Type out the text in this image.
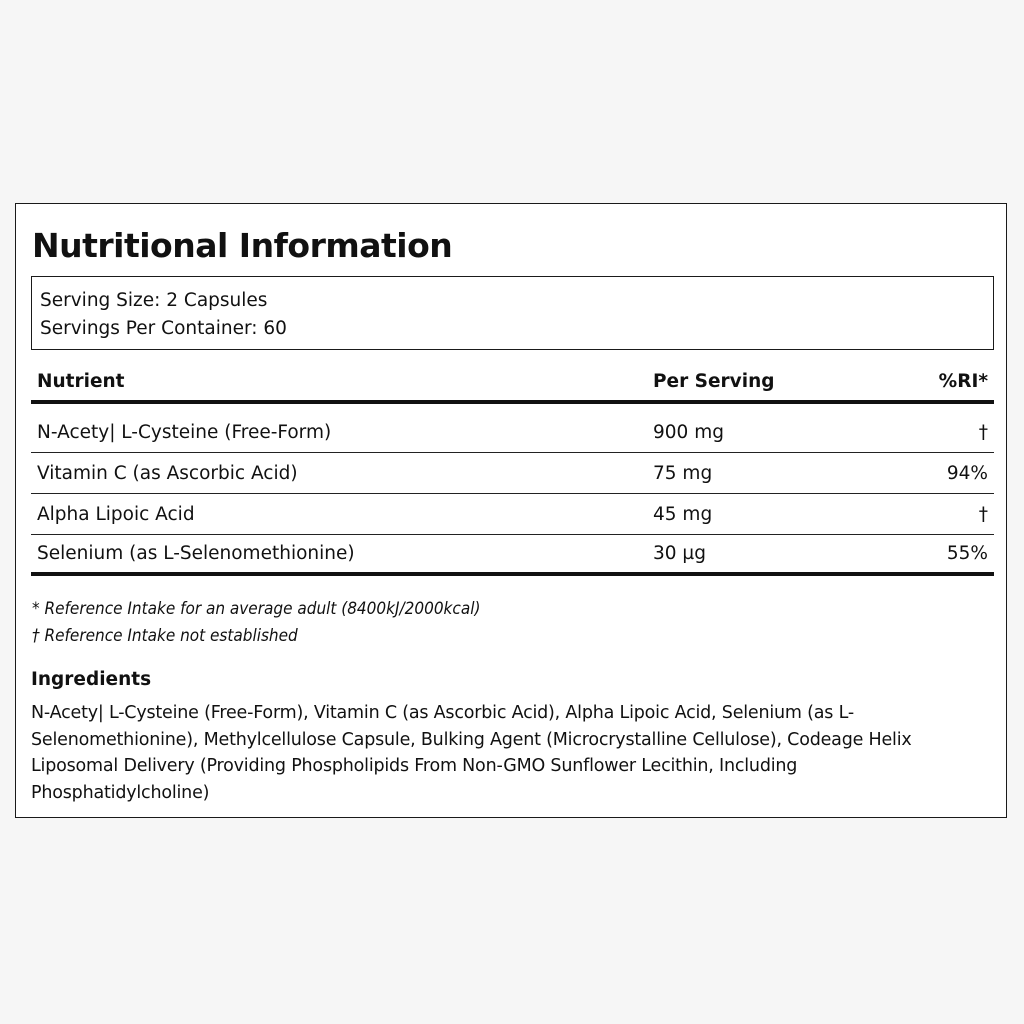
Nutritional Information
Serving Size: 2 Capsules
Servings Per Container: 60
Nutrient	Per Serving	%RI*
N-Acety| L-Cysteine (Free-Form)	900 mg	†
Vitamin C (as Ascorbic Acid)	75 mg	94%
Alpha Lipoic Acid	45 mg	†
Selenium (as L-Selenomethionine)	30 µg	55%
* Reference Intake for an average adult (8400kJ/2000kcal)
† Reference Intake not established
Ingredients

N-Acety| L-Cysteine (Free-Form), Vitamin C (as Ascorbic Acid), Alpha Lipoic Acid, Selenium (as L-Selenomethionine), Methylcellulose Capsule, Bulking Agent (Microcrystalline Cellulose), Codeage Helix Liposomal Delivery (Providing Phospholipids From Non-GMO Sunflower Lecithin, Including Phosphatidylcholine)
